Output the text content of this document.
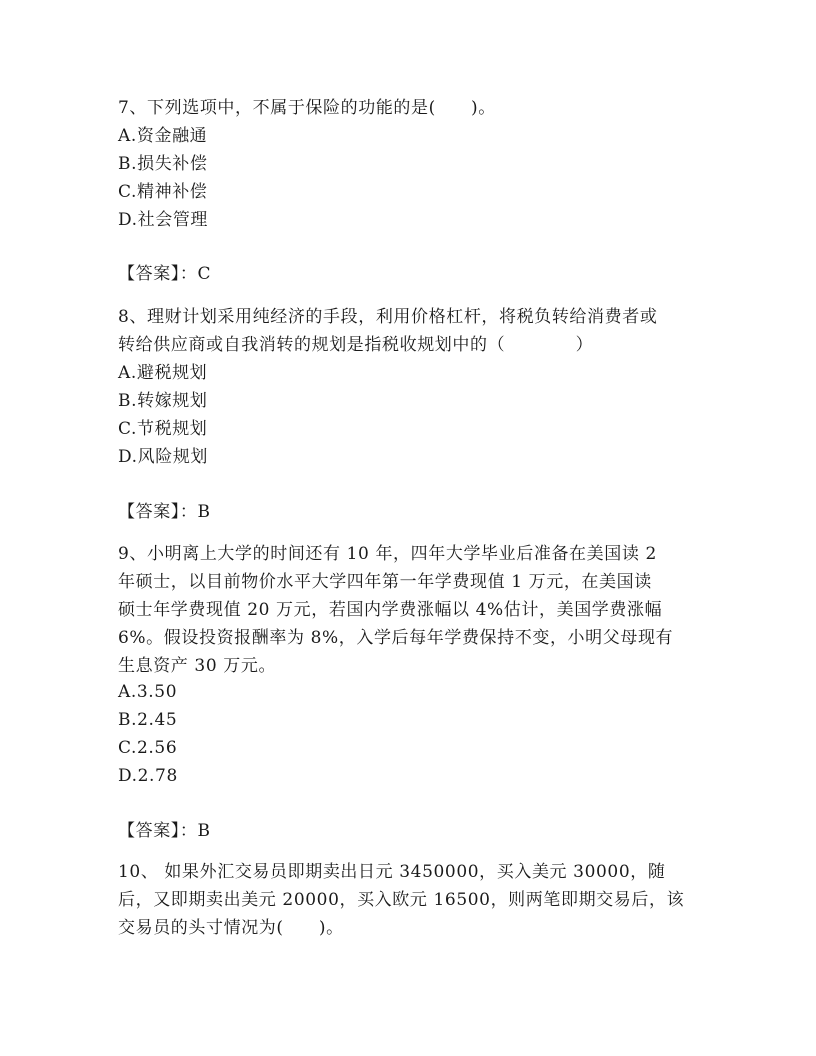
7、下列选项中，不属于保险的功能的是(　　)。
A.资金融通
B.损失补偿
C.精神补偿
D.社会管理
【答案】：C
8、理财计划采用纯经济的手段，利用价格杠杆，将税负转给消费者或
转给供应商或自我消转的规划是指税收规划中的（　　　　）
A.避税规划
B.转嫁规划
C.节税规划
D.风险规划
【答案】：B
9、小明离上大学的时间还有 10 年，四年大学毕业后准备在美国读 2
年硕士，以目前物价水平大学四年第一年学费现值 1 万元，在美国读
硕士年学费现值 20 万元，若国内学费涨幅以 4%估计，美国学费涨幅
6%。假设投资报酬率为 8%，入学后每年学费保持不变，小明父母现有
生息资产 30 万元。
A.3.50
B.2.45
C.2.56
D.2.78
【答案】：B
10、 如果外汇交易员即期卖出日元 3450000，买入美元 30000，随
后，又即期卖出美元 20000，买入欧元 16500，则两笔即期交易后，该
交易员的头寸情况为(　　)。
